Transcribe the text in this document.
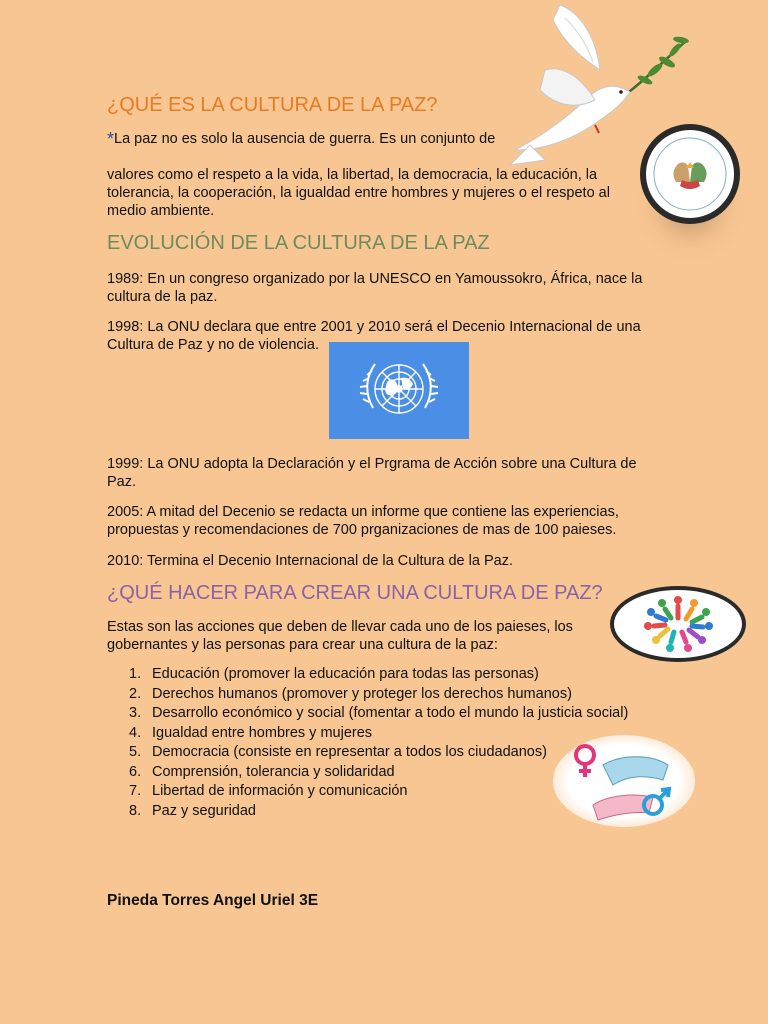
¿QUÉ ES LA CULTURA DE LA PAZ?
*La paz no es solo la ausencia de guerra. Es un conjunto de

valores como el respeto a la vida, la libertad, la democracia, la educación, la tolerancia, la cooperación, la igualdad entre hombres y mujeres o el respeto al medio ambiente.

EVOLUCIÓN DE LA CULTURA DE LA PAZ

1989: En un congreso organizado por la UNESCO en Yamoussokro, África, nace la cultura de la paz.

1998: La ONU declara que entre 2001 y 2010 será el Decenio Internacional de una Cultura de Paz y no de violencia.

1999: La ONU adopta la Declaración y el Prgrama de Acción sobre una Cultura de Paz.

2005: A mitad del Decenio se redacta un informe que contiene las experiencias, propuestas y recomendaciones de 700 prganizaciones de mas de 100 paieses.

2010: Termina el Decenio Internacional de la Cultura de la Paz.

¿QUÉ HACER PARA CREAR UNA CULTURA DE PAZ?

Estas son las acciones que deben de llevar cada uno de los paieses, los gobernantes y las personas para crear una cultura de la paz:

1. Educación (promover la educación para todas las personas)
2. Derechos humanos (promover y proteger los derechos humanos)
3. Desarrollo económico y social (fomentar a todo el mundo la justicia social)
4. Igualdad entre hombres y mujeres
5. Democracia (consiste en representar a todos los ciudadanos)
6. Comprensión, tolerancia y solidaridad
7. Libertad de información y comunicación
8. Paz y seguridad
Pineda Torres Angel Uriel 3E
